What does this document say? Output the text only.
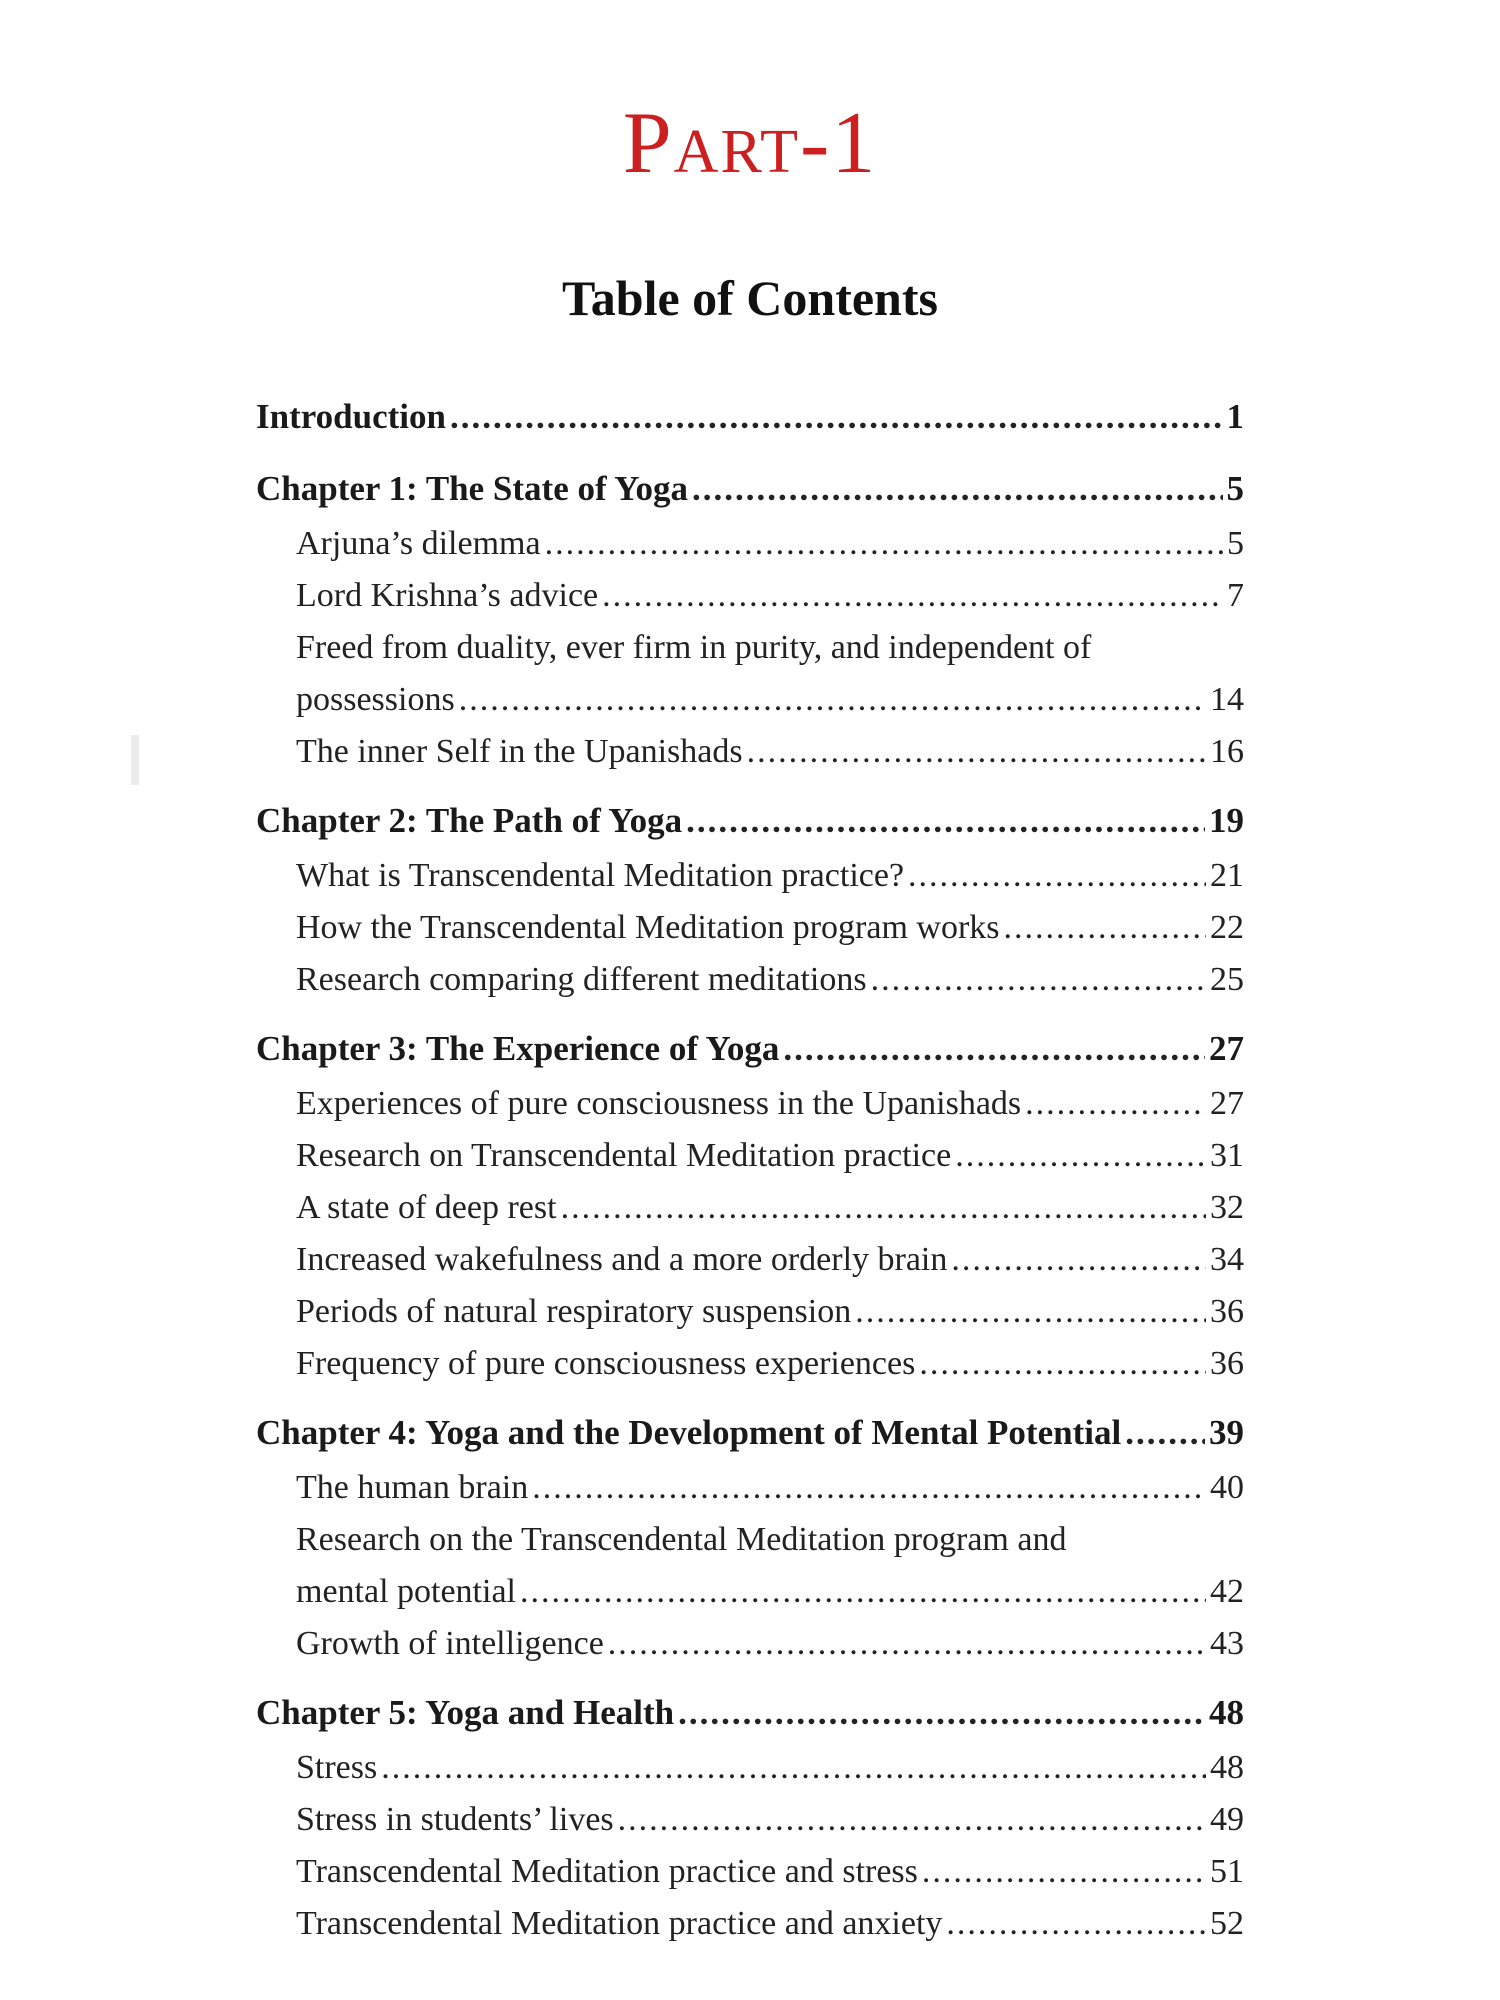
Part-1
Table of Contents
Introduction .....	1
Chapter 1: The State of Yoga .....	5
Arjuna’s dilemma .....	5
Lord Krishna’s advice .....	7
Freed from duality, ever firm in purity, and independent of
possessions .....	14
The inner Self in the Upanishads .....	16
Chapter 2: The Path of Yoga .....	19
What is Transcendental Meditation practice? .....	21
How the Transcendental Meditation program works .....	22
Research comparing different meditations .....	25
Chapter 3: The Experience of Yoga .....	27
Experiences of pure consciousness in the Upanishads .....	27
Research on Transcendental Meditation practice .....	31
A state of deep rest .....	32
Increased wakefulness and a more orderly brain .....	34
Periods of natural respiratory suspension .....	36
Frequency of pure consciousness experiences .....	36
Chapter 4: Yoga and the Development of Mental Potential .....	39
The human brain .....	40
Research on the Transcendental Meditation program and
mental potential .....	42
Growth of intelligence .....	43
Chapter 5: Yoga and Health .....	48
Stress .....	48
Stress in students’ lives .....	49
Transcendental Meditation practice and stress .....	51
Transcendental Meditation practice and anxiety .....	52
